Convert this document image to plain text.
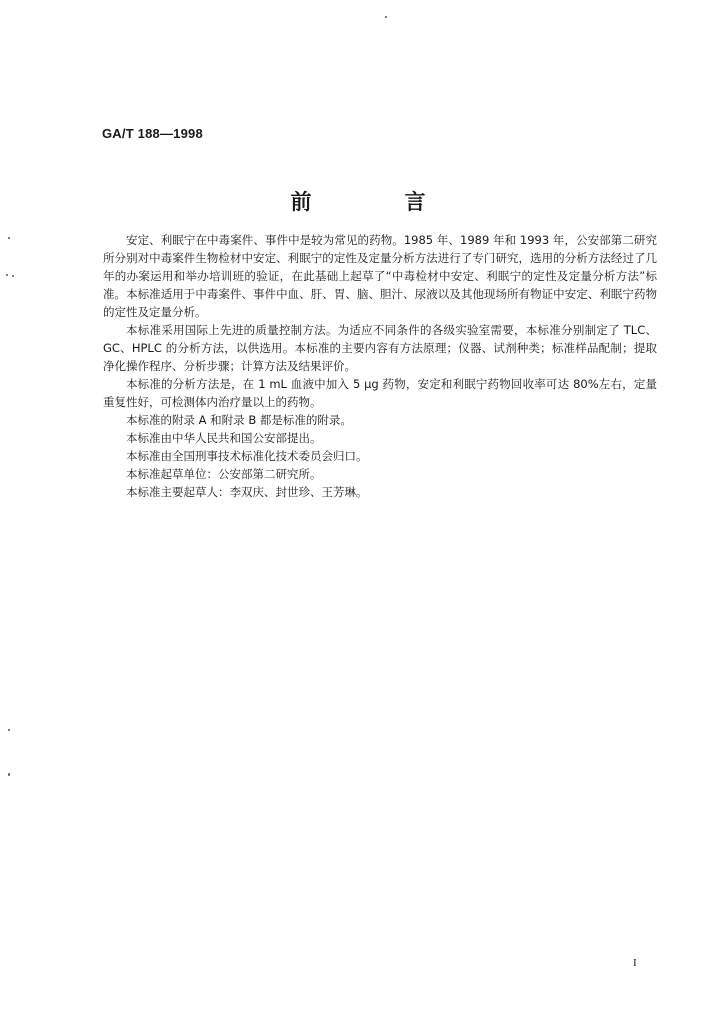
GA/T 188—1998
前　言

安定、利眠宁在中毒案件、事件中是较为常见的药物。1985 年、1989 年和 1993 年，公安部第二研究所分别对中毒案件生物检材中安定、利眠宁的定性及定量分析方法进行了专门研究，选用的分析方法经过了几年的办案运用和举办培训班的验证，在此基础上起草了“中毒检材中安定、利眠宁的定性及定量分析方法”标准。本标准适用于中毒案件、事件中血、肝、胃、脑、胆汁、尿液以及其他现场所有物证中安定、利眠宁药物的定性及定量分析。

本标准采用国际上先进的质量控制方法。为适应不同条件的各级实验室需要，本标准分别制定了 TLC、GC、HPLC 的分析方法，以供选用。本标准的主要内容有方法原理；仪器、试剂种类；标准样品配制；提取净化操作程序、分析步骤；计算方法及结果评价。

本标准的分析方法是，在 1 mL 血液中加入 5 μg 药物，安定和利眠宁药物回收率可达 80%左右，定量重复性好，可检测体内治疗量以上的药物。

本标准的附录 A 和附录 B 都是标准的附录。

本标准由中华人民共和国公安部提出。

本标准由全国刑事技术标准化技术委员会归口。

本标准起草单位：公安部第二研究所。

本标准主要起草人：李双庆、封世珍、王芳琳。

I
